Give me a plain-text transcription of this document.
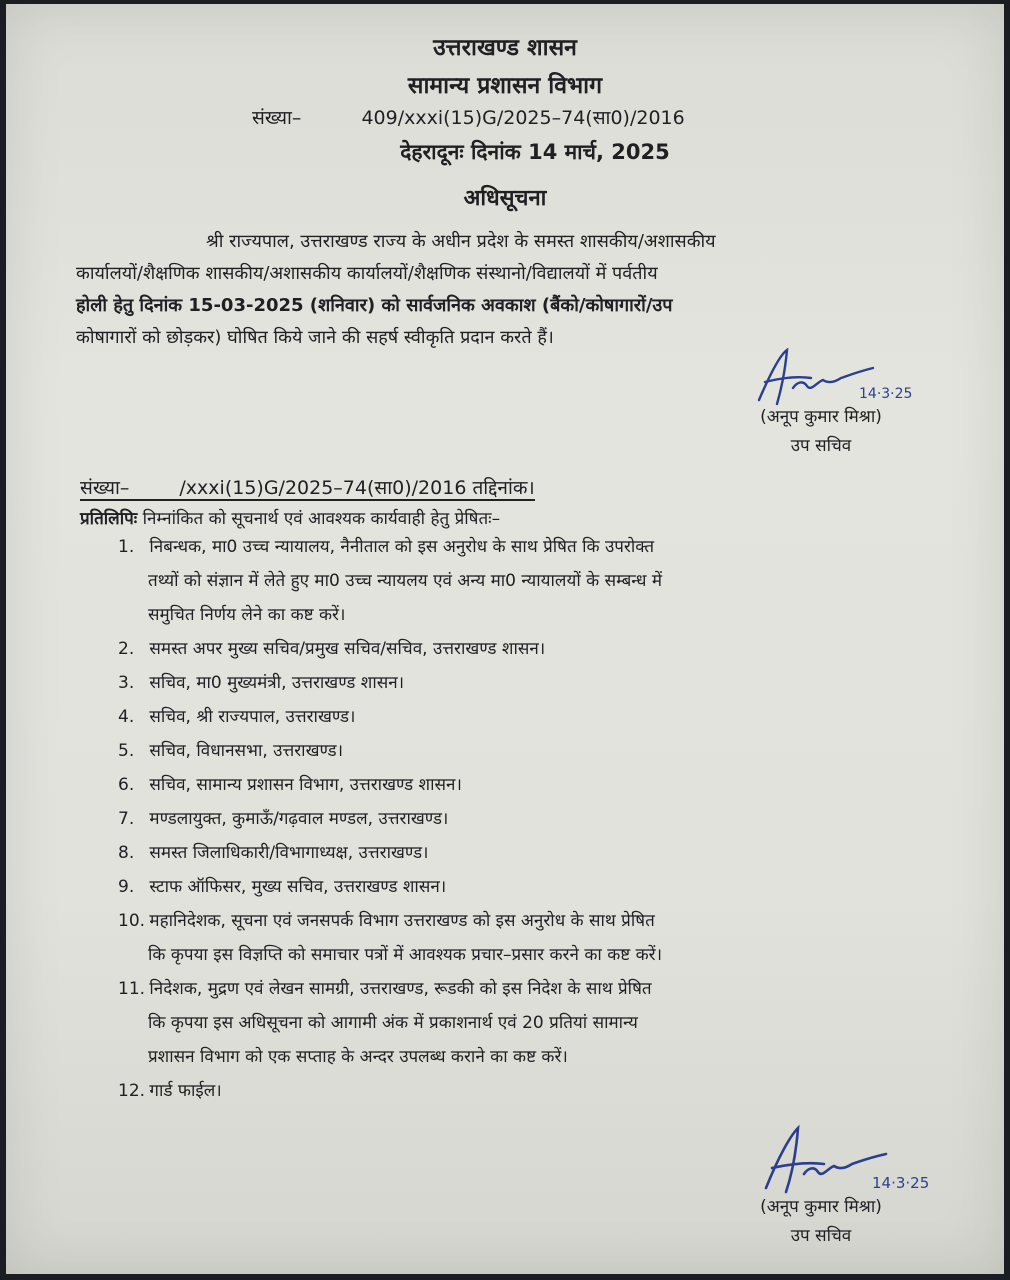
उत्तराखण्ड शासन
सामान्य प्रशासन विभाग
संख्या–	409/xxxi(15)G/2025–74(सा0)/2016
देहरादूनः दिनांक 14 मार्च, 2025
अधिसूचना
श्री राज्यपाल, उत्तराखण्ड राज्य के अधीन प्रदेश के समस्त शासकीय/अशासकीय
कार्यालयों/शैक्षणिक शासकीय/अशासकीय कार्यालयों/शैक्षणिक संस्थानो/विद्यालयों में पर्वतीय
होली हेतु दिनांक 15-03-2025 (शनिवार) को सार्वजनिक अवकाश (बैंको/कोषागारों/उप
कोषागारों को छोड़कर) घोषित किये जाने की सहर्ष स्वीकृति प्रदान करते हैं।
14·3·25
(अनूप कुमार मिश्रा)
उप सचिव
संख्या–	/xxxi(15)G/2025–74(सा0)/2016 तद्दिनांक।
प्रतिलिपिः निम्नांकित को सूचनार्थ एवं आवश्यक कार्यवाही हेतु प्रेषितः–
1. निबन्धक, मा0 उच्च न्यायालय, नैनीताल को इस अनुरोध के साथ प्रेषित कि उपरोक्त
तथ्यों को संज्ञान में लेते हुए मा0 उच्च न्यायलय एवं अन्य मा0 न्यायालयों के सम्बन्ध में
समुचित निर्णय लेने का कष्ट करें।
2. समस्त अपर मुख्य सचिव/प्रमुख सचिव/सचिव, उत्तराखण्ड शासन।
3. सचिव, मा0 मुख्यमंत्री, उत्तराखण्ड शासन।
4. सचिव, श्री राज्यपाल, उत्तराखण्ड।
5. सचिव, विधानसभा, उत्तराखण्ड।
6. सचिव, सामान्य प्रशासन विभाग, उत्तराखण्ड शासन।
7. मण्डलायुक्त, कुमाऊँ/गढ़वाल मण्डल, उत्तराखण्ड।
8. समस्त जिलाधिकारी/विभागाध्यक्ष, उत्तराखण्ड।
9. स्टाफ ऑफिसर, मुख्य सचिव, उत्तराखण्ड शासन।
10. महानिदेशक, सूचना एवं जनसपर्क विभाग उत्तराखण्ड को इस अनुरोध के साथ प्रेषित
कि कृपया इस विज्ञप्ति को समाचार पत्रों में आवश्यक प्रचार–प्रसार करने का कष्ट करें।
11. निदेशक, मुद्रण एवं लेखन सामग्री, उत्तराखण्ड, रूडकी को इस निदेश के साथ प्रेषित
कि कृपया इस अधिसूचना को आगामी अंक में प्रकाशनार्थ एवं 20 प्रतियां सामान्य
प्रशासन विभाग को एक सप्ताह के अन्दर उपलब्ध कराने का कष्ट करें।
12. गार्ड फाईल।
14·3·25
(अनूप कुमार मिश्रा)
उप सचिव
